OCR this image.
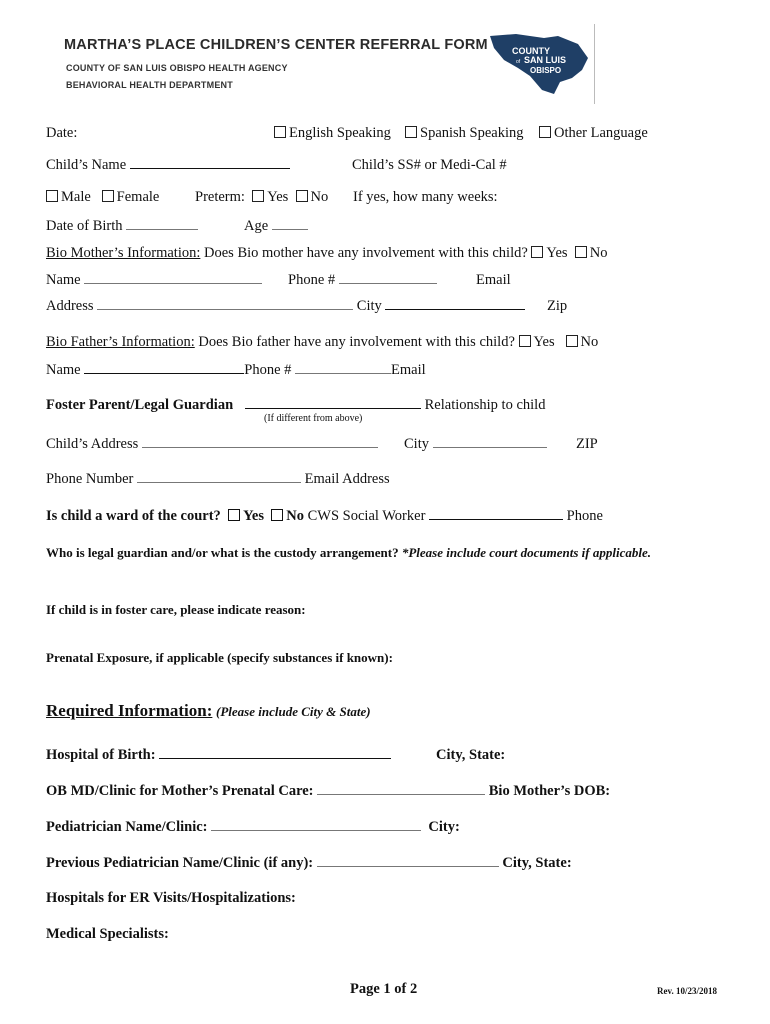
MARTHA’S PLACE CHILDREN’S CENTER REFERRAL FORM
COUNTY OF SAN LUIS OBISPO HEALTH AGENCY
BEHAVIORAL HEALTH DEPARTMENT
COUNTY
of SAN LUIS
OBISPO
Date:	English Speaking	Spanish Speaking	Other Language
Child’s Name	Child’s SS# or Medi-Cal #
Male Female Preterm: Yes No If yes, how many weeks:
Date of Birth	Age
Bio Mother’s Information: Does Bio mother have any involvement with this child? Yes No
Name	Phone #	Email
Address	City	Zip
Bio Father’s Information: Does Bio father have any involvement with this child? Yes No
Name	Phone #	Email
Foster Parent/Legal Guardian	Relationship to child
(If different from above)
Child’s Address	City	ZIP
Phone Number	Email Address
Is child a ward of the court? Yes No CWS Social Worker	Phone
Who is legal guardian and/or what is the custody arrangement? *Please include court documents if applicable.
If child is in foster care, please indicate reason:
Prenatal Exposure, if applicable (specify substances if known):
Required Information: (Please include City & State)
Hospital of Birth:	City, State:
OB MD/Clinic for Mother’s Prenatal Care:	Bio Mother’s DOB:
Pediatrician Name/Clinic:	City:
Previous Pediatrician Name/Clinic (if any):	City, State:
Hospitals for ER Visits/Hospitalizations:
Medical Specialists:
Page 1 of 2	Rev. 10/23/2018
